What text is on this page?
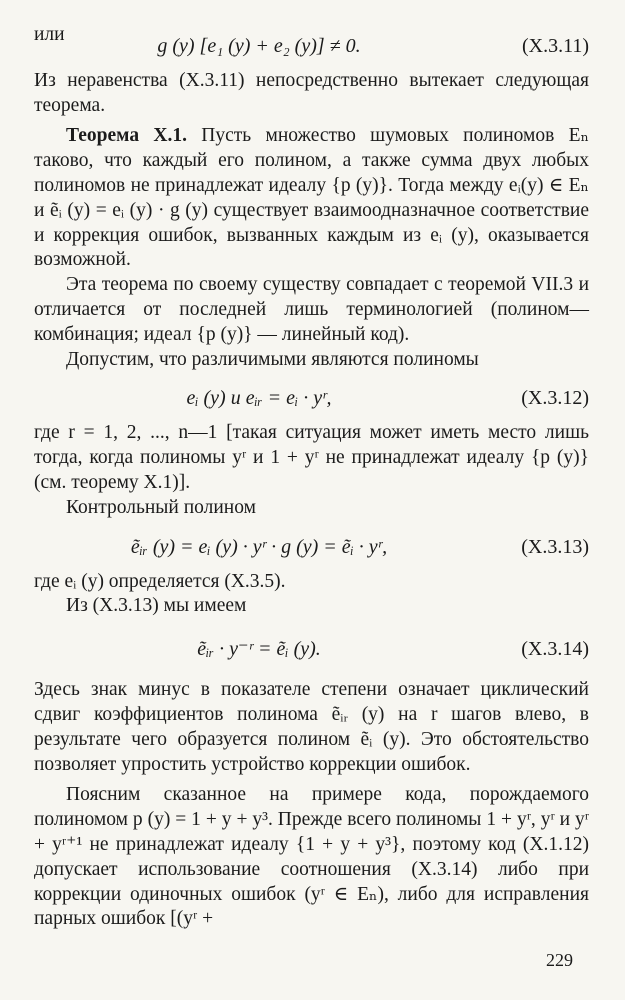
или

g (y) [e₁ (y) + e₂ (y)] ≠ 0.	(X.3.11)

Из неравенства (X.3.11) непосредственно вытекает следующая теорема.

Теорема X.1. Пусть множество шумовых полиномов Eₙ таково, что каждый его полином, а также сумма двух любых полиномов не принадлежат идеалу {p (y)}. Тогда между eᵢ(y) ∈ Eₙ и ẽᵢ (y) = eᵢ (y) · g (y) существует взаимоодназначное соответствие и коррекция ошибок, вызванных каждым из eᵢ (y), оказывается возможной.

Эта теорема по своему существу совпадает с теоремой VII.3 и отличается от последней лишь терминологией (полином—комбинация; идеал {p (y)} — линейный код).

Допустим, что различимыми являются полиномы

eᵢ (y) и eᵢᵣ = eᵢ · yʳ,	(X.3.12)

где r = 1, 2, ..., n—1 [такая ситуация может иметь место лишь тогда, когда полиномы yʳ и 1 + yʳ не принадлежат идеалу {p (y)} (см. теорему X.1)].

Контрольный полином

ẽᵢᵣ (y) = eᵢ (y) · yʳ · g (y) = ẽᵢ · yʳ,	(X.3.13)

где eᵢ (y) определяется (X.3.5).

Из (X.3.13) мы имеем

ẽᵢᵣ · y⁻ʳ = ẽᵢ (y).	(X.3.14)

Здесь знак минус в показателе степени означает циклический сдвиг коэффициентов полинома ẽᵢᵣ (y) на r шагов влево, в результате чего образуется полином ẽᵢ (y). Это обстоятельство позволяет упростить устройство коррекции ошибок.

Поясним сказанное на примере кода, порождаемого полиномом p (y) = 1 + y + y³. Прежде всего полиномы 1 + yʳ, yʳ и yʳ + yʳ⁺¹ не принадлежат идеалу {1 + y + y³}, поэтому код (X.1.12) допускает использование соотношения (X.3.14) либо при коррекции одиночных ошибок (yʳ ∈ Eₙ), либо для исправления парных ошибок [(yʳ +

229
